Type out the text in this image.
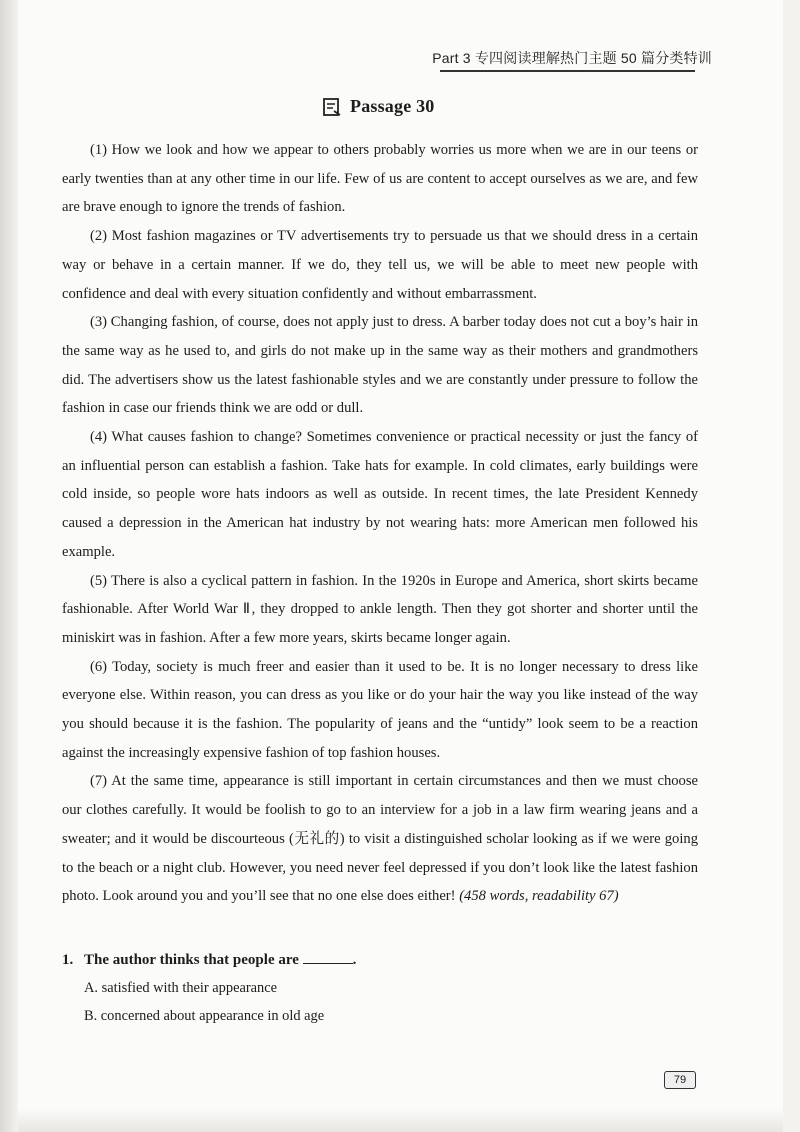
Part 3 专四阅读理解热门主题 50 篇分类特训
Passage 30

(1) How we look and how we appear to others probably worries us more when we are in our teens or early twenties than at any other time in our life. Few of us are content to accept ourselves as we are, and few are brave enough to ignore the trends of fashion.

(2) Most fashion magazines or TV advertisements try to persuade us that we should dress in a certain way or behave in a certain manner. If we do, they tell us, we will be able to meet new people with confidence and deal with every situation confidently and without embarrassment.

(3) Changing fashion, of course, does not apply just to dress. A barber today does not cut a boy’s hair in the same way as he used to, and girls do not make up in the same way as their mothers and grandmothers did. The advertisers show us the latest fashionable styles and we are constantly under pressure to follow the fashion in case our friends think we are odd or dull.

(4) What causes fashion to change? Sometimes convenience or practical necessity or just the fancy of an influential person can establish a fashion. Take hats for example. In cold climates, early buildings were cold inside, so people wore hats indoors as well as outside. In recent times, the late President Kennedy caused a depression in the American hat industry by not wearing hats: more American men followed his example.

(5) There is also a cyclical pattern in fashion. In the 1920s in Europe and America, short skirts became fashionable. After World War Ⅱ, they dropped to ankle length. Then they got shorter and shorter until the miniskirt was in fashion. After a few more years, skirts became longer again.

(6) Today, society is much freer and easier than it used to be. It is no longer necessary to dress like everyone else. Within reason, you can dress as you like or do your hair the way you like instead of the way you should because it is the fashion. The popularity of jeans and the “untidy” look seem to be a reaction against the increasingly expensive fashion of top fashion houses.

(7) At the same time, appearance is still important in certain circumstances and then we must choose our clothes carefully. It would be foolish to go to an interview for a job in a law firm wearing jeans and a sweater; and it would be discourteous (无礼的) to visit a distinguished scholar looking as if we were going to the beach or a night club. However, you need never feel depressed if you don’t look like the latest fashion photo. Look around you and you’ll see that no one else does either! (458 words, readability 67)

1. The author thinks that people are	.
A. satisfied with their appearance
B. concerned about appearance in old age
79
